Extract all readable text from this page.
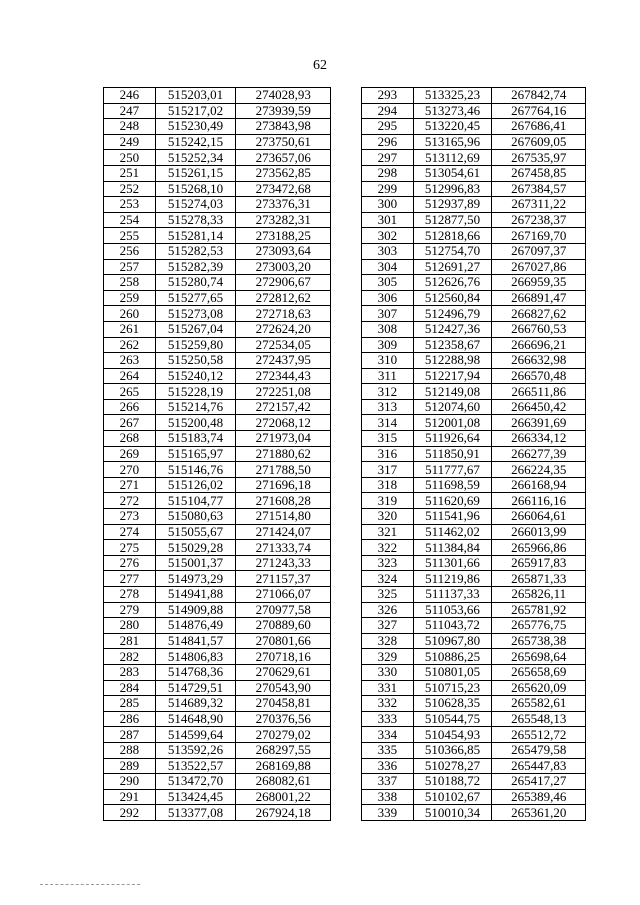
62
246	515203,01	274028,93
247	515217,02	273939,59
248	515230,49	273843,98
249	515242,15	273750,61
250	515252,34	273657,06
251	515261,15	273562,85
252	515268,10	273472,68
253	515274,03	273376,31
254	515278,33	273282,31
255	515281,14	273188,25
256	515282,53	273093,64
257	515282,39	273003,20
258	515280,74	272906,67
259	515277,65	272812,62
260	515273,08	272718,63
261	515267,04	272624,20
262	515259,80	272534,05
263	515250,58	272437,95
264	515240,12	272344,43
265	515228,19	272251,08
266	515214,76	272157,42
267	515200,48	272068,12
268	515183,74	271973,04
269	515165,97	271880,62
270	515146,76	271788,50
271	515126,02	271696,18
272	515104,77	271608,28
273	515080,63	271514,80
274	515055,67	271424,07
275	515029,28	271333,74
276	515001,37	271243,33
277	514973,29	271157,37
278	514941,88	271066,07
279	514909,88	270977,58
280	514876,49	270889,60
281	514841,57	270801,66
282	514806,83	270718,16
283	514768,36	270629,61
284	514729,51	270543,90
285	514689,32	270458,81
286	514648,90	270376,56
287	514599,64	270279,02
288	513592,26	268297,55
289	513522,57	268169,88
290	513472,70	268082,61
291	513424,45	268001,22
292	513377,08	267924,18
293	513325,23	267842,74
294	513273,46	267764,16
295	513220,45	267686,41
296	513165,96	267609,05
297	513112,69	267535,97
298	513054,61	267458,85
299	512996,83	267384,57
300	512937,89	267311,22
301	512877,50	267238,37
302	512818,66	267169,70
303	512754,70	267097,37
304	512691,27	267027,86
305	512626,76	266959,35
306	512560,84	266891,47
307	512496,79	266827,62
308	512427,36	266760,53
309	512358,67	266696,21
310	512288,98	266632,98
311	512217,94	266570,48
312	512149,08	266511,86
313	512074,60	266450,42
314	512001,08	266391,69
315	511926,64	266334,12
316	511850,91	266277,39
317	511777,67	266224,35
318	511698,59	266168,94
319	511620,69	266116,16
320	511541,96	266064,61
321	511462,02	266013,99
322	511384,84	265966,86
323	511301,66	265917,83
324	511219,86	265871,33
325	511137,33	265826,11
326	511053,66	265781,92
327	511043,72	265776,75
328	510967,80	265738,38
329	510886,25	265698,64
330	510801,05	265658,69
331	510715,23	265620,09
332	510628,35	265582,61
333	510544,75	265548,13
334	510454,93	265512,72
335	510366,85	265479,58
336	510278,27	265447,83
337	510188,72	265417,27
338	510102,67	265389,46
339	510010,34	265361,20
